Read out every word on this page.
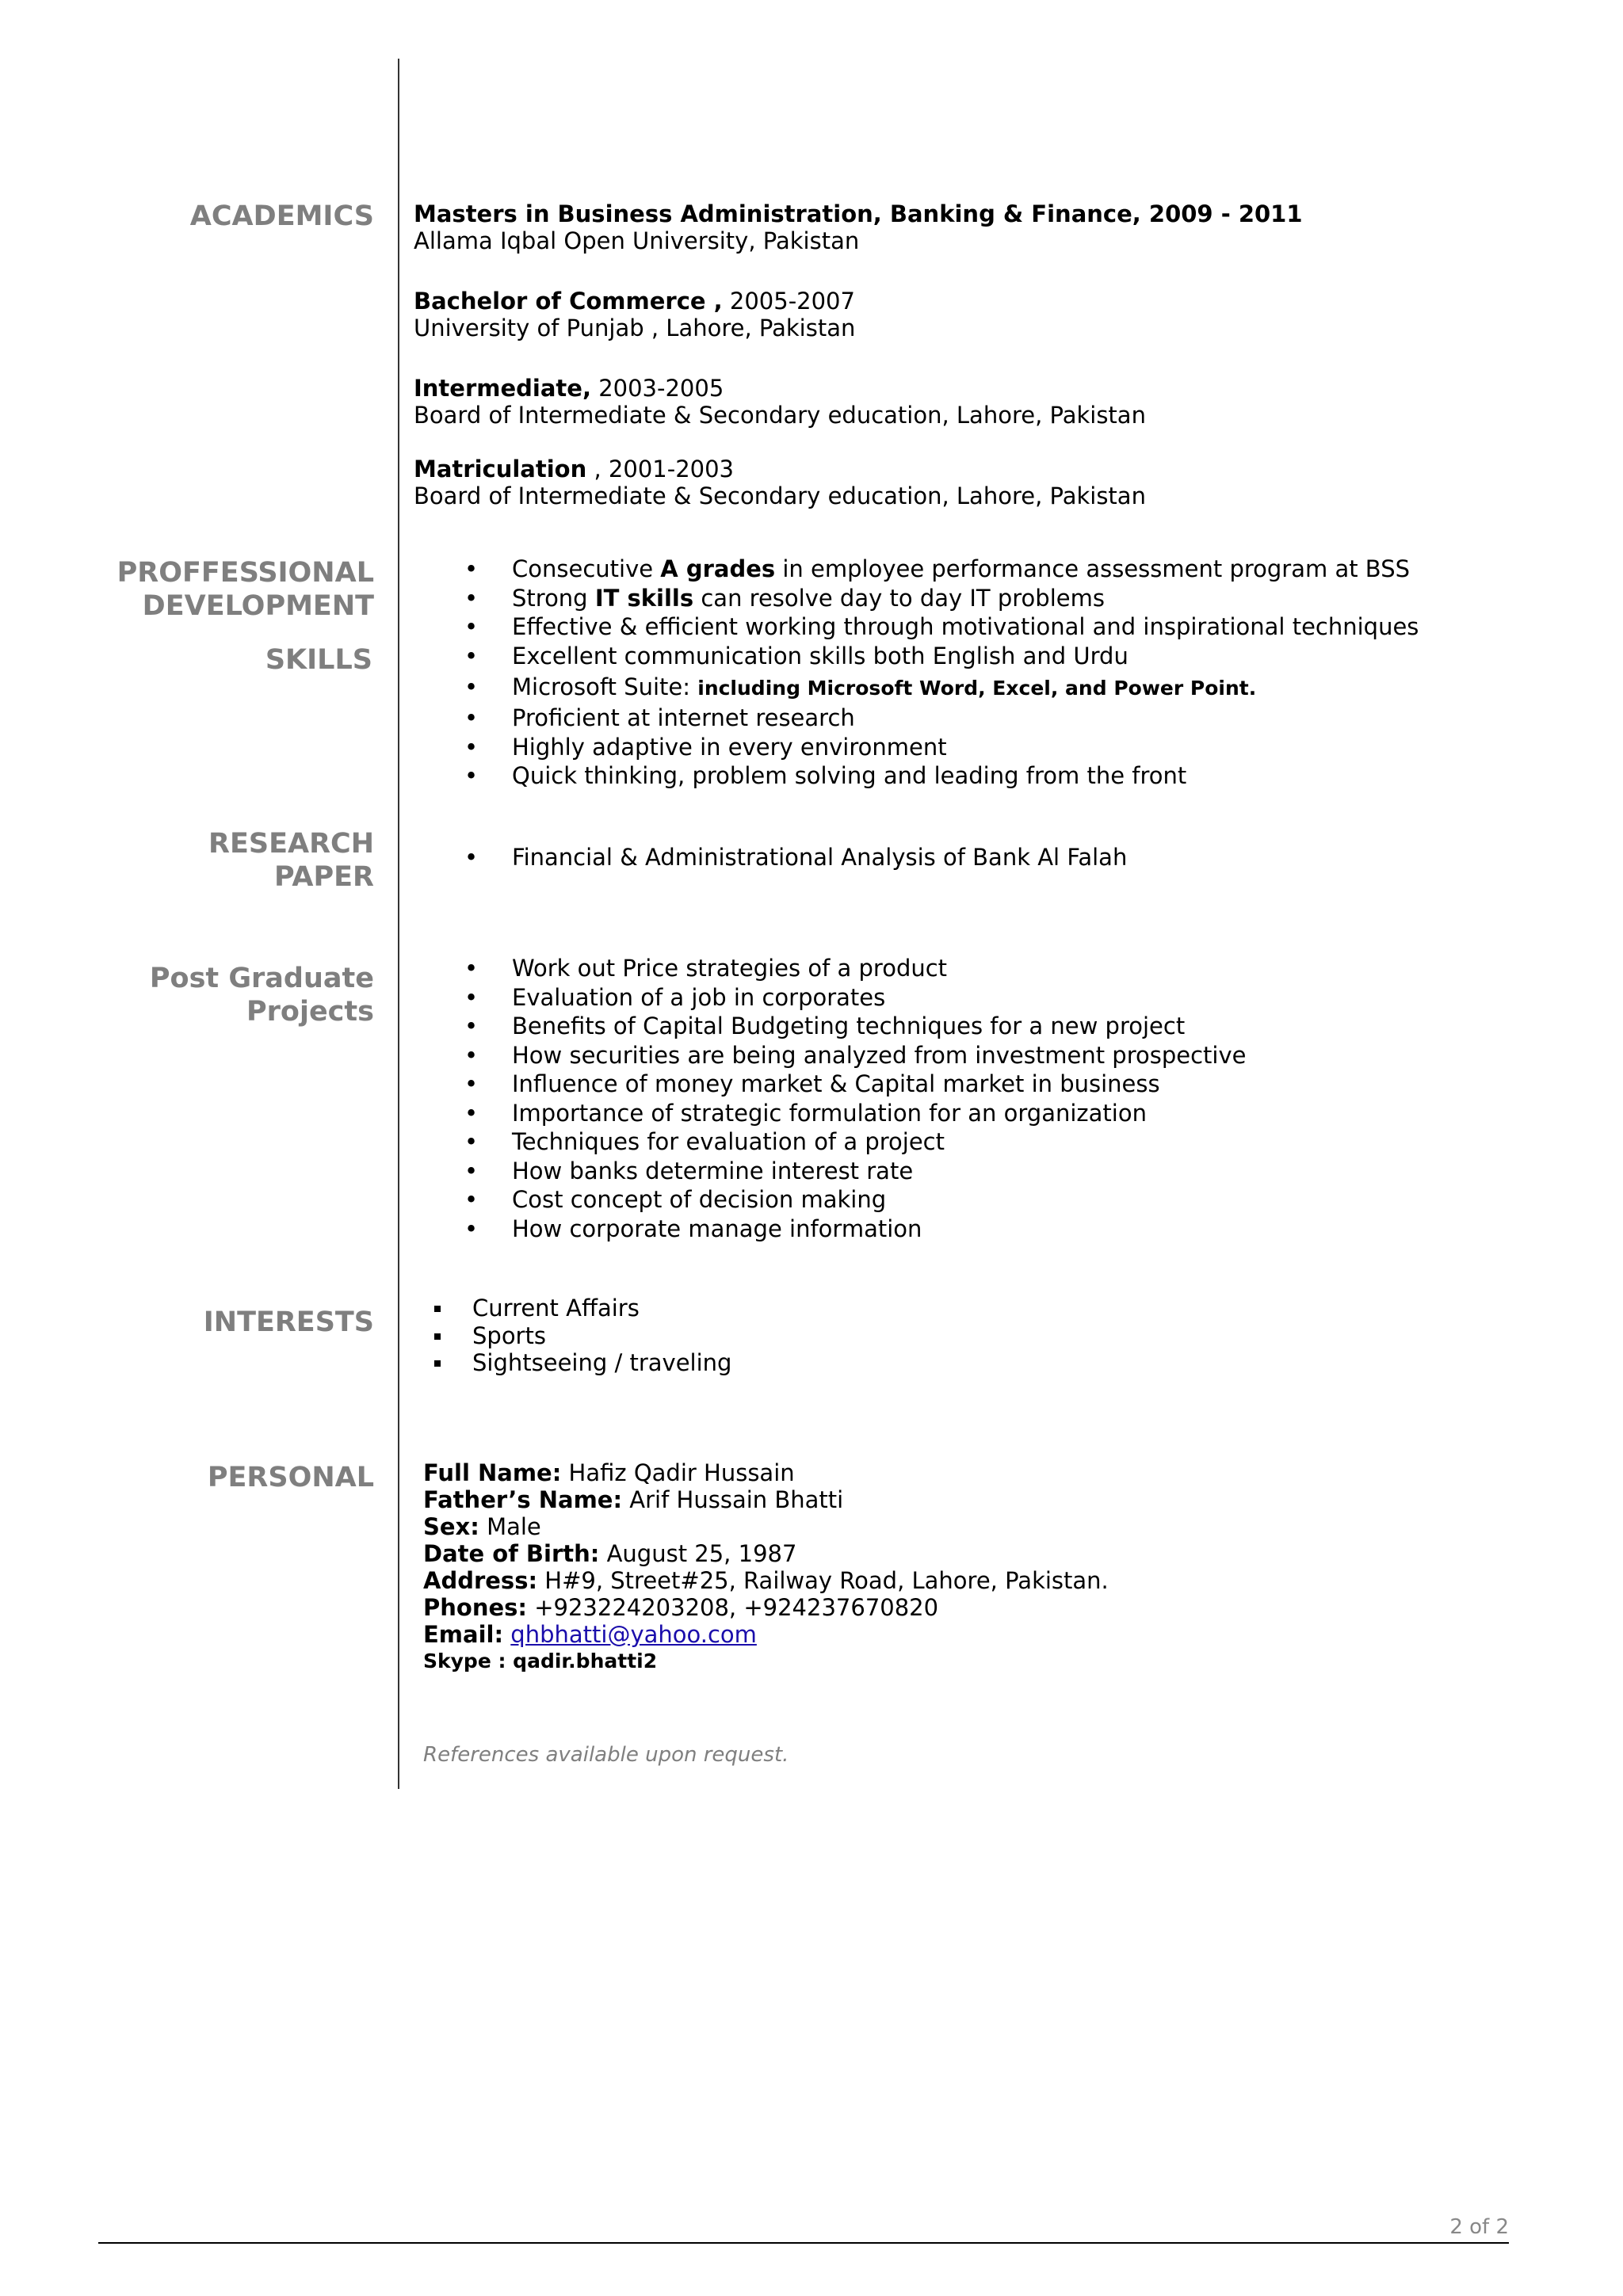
ACADEMICS
PROFFESSIONAL
DEVELOPMENT
SKILLS
RESEARCH
PAPER
Post Graduate
Projects
INTERESTS
PERSONAL
Masters in Business Administration, Banking & Finance, 2009 - 2011
Allama Iqbal Open University, Pakistan
Bachelor of Commerce , 2005-2007
University of Punjab , Lahore, Pakistan
Intermediate, 2003-2005
Board of Intermediate & Secondary education, Lahore, Pakistan
Matriculation , 2001-2003
Board of Intermediate & Secondary education, Lahore, Pakistan
• Consecutive A grades in employee performance assessment program at BSS
• Strong IT skills can resolve day to day IT problems
• Effective & efficient working through motivational and inspirational techniques
• Excellent communication skills both English and Urdu
• Microsoft Suite: including Microsoft Word, Excel, and Power Point.
• Proficient at internet research
• Highly adaptive in every environment
• Quick thinking, problem solving and leading from the front
• Financial & Administrational Analysis of Bank Al Falah
• Work out Price strategies of a product
• Evaluation of a job in corporates
• Benefits of Capital Budgeting techniques for a new project
• How securities are being analyzed from investment prospective
• Influence of money market & Capital market in business
• Importance of strategic formulation for an organization
• Techniques for evaluation of a project
• How banks determine interest rate
• Cost concept of decision making
• How corporate manage information
Current Affairs
Sports
Sightseeing / traveling
Full Name: Hafiz Qadir Hussain
Father’s Name: Arif Hussain Bhatti
Sex: Male
Date of Birth: August 25, 1987
Address: H#9, Street#25, Railway Road, Lahore, Pakistan.
Phones: +923224203208, +924237670820
Email: qhbhatti@yahoo.com
Skype : qadir.bhatti2
References available upon request.
2 of 2
